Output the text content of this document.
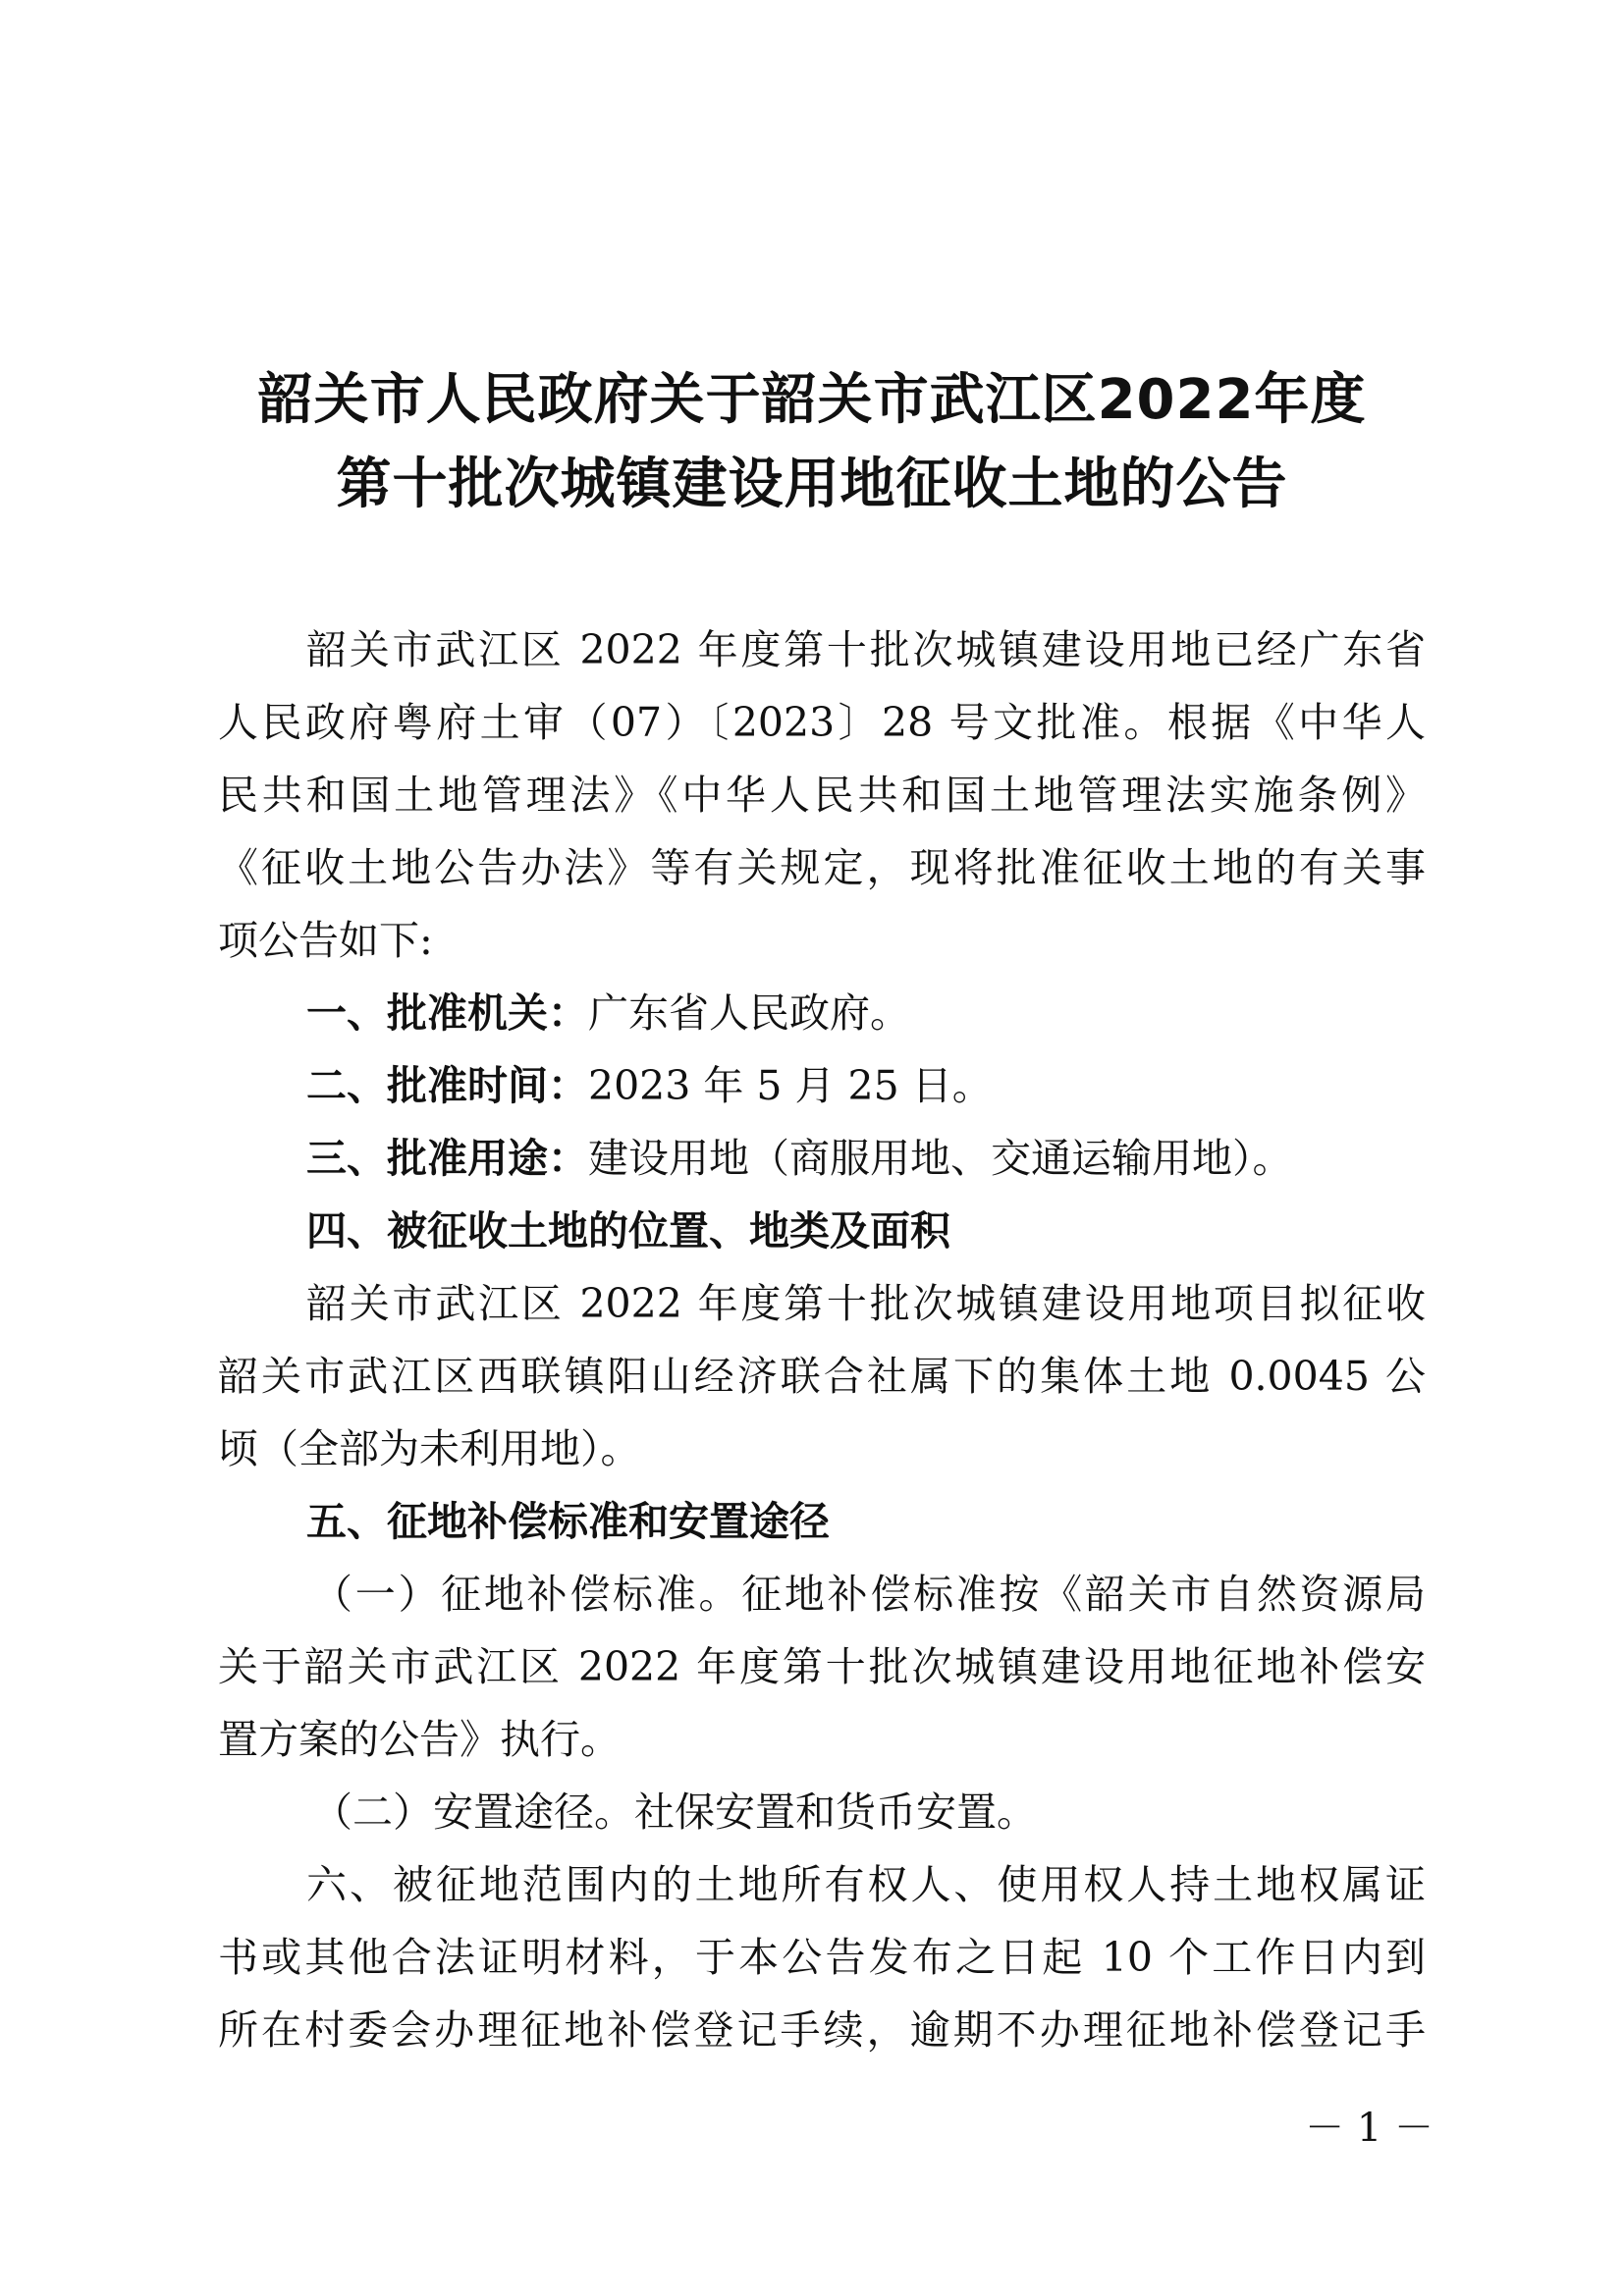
韶关市人民政府关于韶关市武江区2022年度
第十批次城镇建设用地征收土地的公告
韶关市武江区 2022 年度第十批次城镇建设用地已经广东省
人民政府粤府土审（07）〔2023〕28 号文批准。根据《中华人
民共和国土地管理法》《中华人民共和国土地管理法实施条例》
《征收土地公告办法》等有关规定，现将批准征收土地的有关事
项公告如下:
一、批准机关：广东省人民政府。
二、批准时间：2023 年 5 月 25 日。
三、批准用途：建设用地（商服用地、交通运输用地）。
四、被征收土地的位置、地类及面积
韶关市武江区 2022 年度第十批次城镇建设用地项目拟征收
韶关市武江区西联镇阳山经济联合社属下的集体土地 0.0045 公
顷（全部为未利用地）。
五、征地补偿标准和安置途径
（一）征地补偿标准。征地补偿标准按《韶关市自然资源局
关于韶关市武江区 2022 年度第十批次城镇建设用地征地补偿安
置方案的公告》执行。
（二）安置途径。社保安置和货币安置。
六、被征地范围内的土地所有权人、使用权人持土地权属证
书或其他合法证明材料，于本公告发布之日起 10 个工作日内到
所在村委会办理征地补偿登记手续，逾期不办理征地补偿登记手
－ 1 －
